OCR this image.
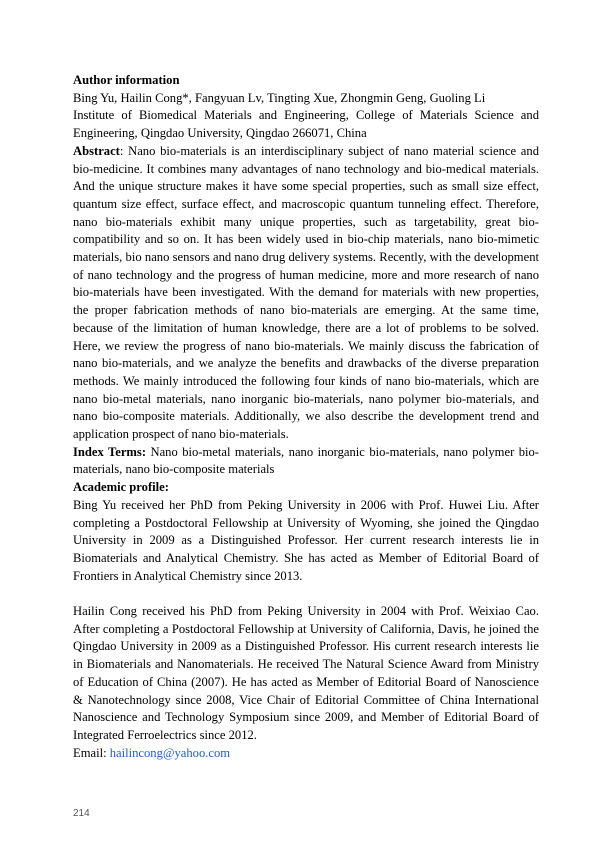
Author information

Bing Yu, Hailin Cong*, Fangyuan Lv, Tingting Xue, Zhongmin Geng, Guoling Li

Institute of Biomedical Materials and Engineering, College of Materials Science and Engineering, Qingdao University, Qingdao 266071, China

Abstract: Nano bio-materials is an interdisciplinary subject of nano material science and bio-medicine. It combines many advantages of nano technology and bio-medical materials. And the unique structure makes it have some special properties, such as small size effect, quantum size effect, surface effect, and macroscopic quantum tunneling effect. Therefore, nano bio-materials exhibit many unique properties, such as targetability, great bio-compatibility and so on. It has been widely used in bio-chip materials, nano bio-mimetic materials, bio nano sensors and nano drug delivery systems. Recently, with the development of nano technology and the progress of human medicine, more and more research of nano bio-materials have been investigated. With the demand for materials with new properties, the proper fabrication methods of nano bio-materials are emerging. At the same time, because of the limitation of human knowledge, there are a lot of problems to be solved. Here, we review the progress of nano bio-materials. We mainly discuss the fabrication of nano bio-materials, and we analyze the benefits and drawbacks of the diverse preparation methods. We mainly introduced the following four kinds of nano bio-materials, which are nano bio-metal materials, nano inorganic bio-materials, nano polymer bio-materials, and nano bio-composite materials. Additionally, we also describe the development trend and application prospect of nano bio-materials.

Index Terms: Nano bio-metal materials, nano inorganic bio-materials, nano polymer bio-materials, nano bio-composite materials

Academic profile:

Bing Yu received her PhD from Peking University in 2006 with Prof. Huwei Liu. After completing a Postdoctoral Fellowship at University of Wyoming, she joined the Qingdao University in 2009 as a Distinguished Professor. Her current research interests lie in Biomaterials and Analytical Chemistry. She has acted as Member of Editorial Board of Frontiers in Analytical Chemistry since 2013.

Hailin Cong received his PhD from Peking University in 2004 with Prof. Weixiao Cao. After completing a Postdoctoral Fellowship at University of California, Davis, he joined the Qingdao University in 2009 as a Distinguished Professor. His current research interests lie in Biomaterials and Nanomaterials. He received The Natural Science Award from Ministry of Education of China (2007). He has acted as Member of Editorial Board of Nanoscience & Nanotechnology since 2008, Vice Chair of Editorial Committee of China International Nanoscience and Technology Symposium since 2009, and Member of Editorial Board of Integrated Ferroelectrics since 2012.

Email: hailincong@yahoo.com

214
